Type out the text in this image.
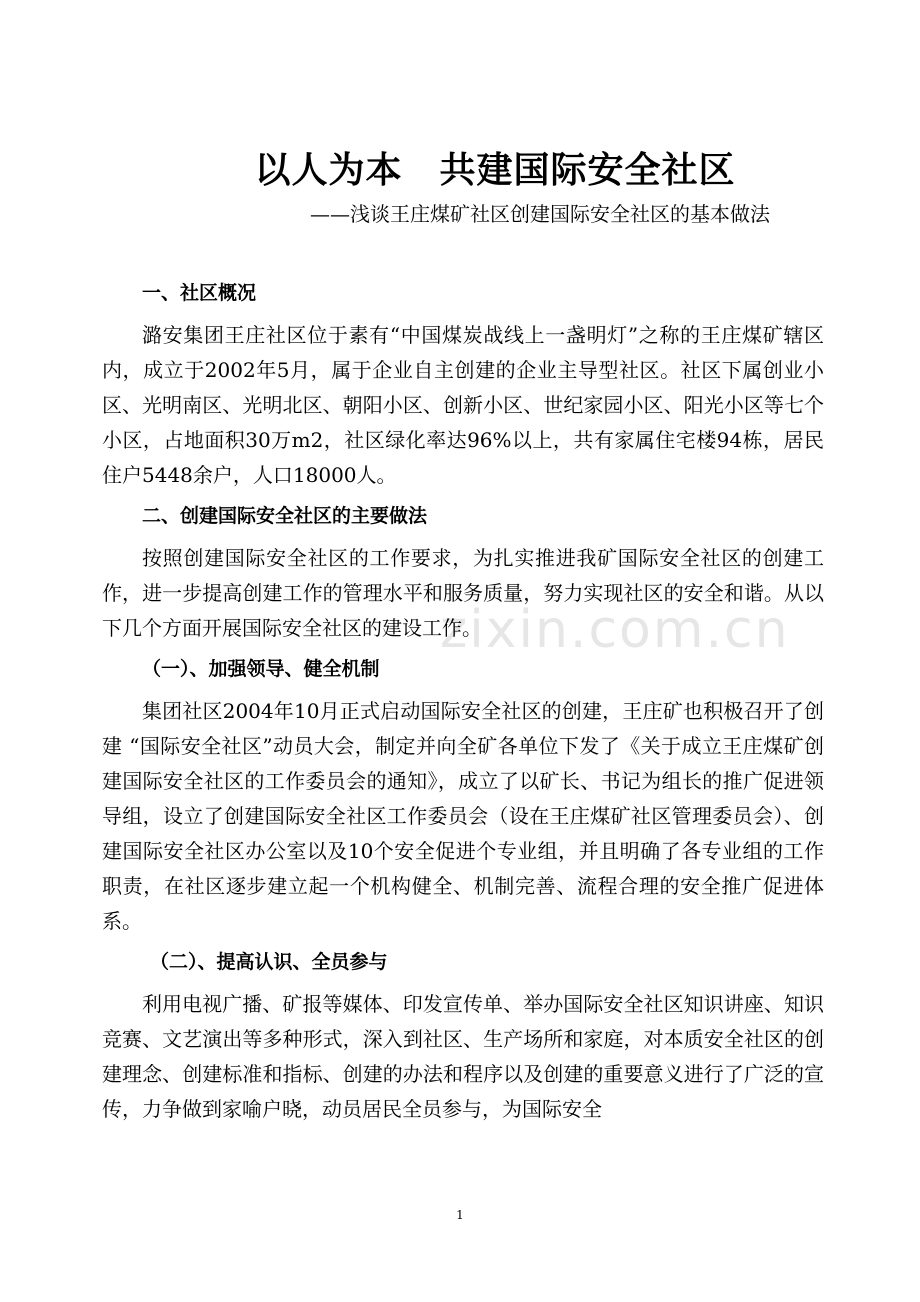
zixin.com.cn
以人为本　共建国际安全社区
——浅谈王庄煤矿社区创建国际安全社区的基本做法

一、社区概况

潞安集团王庄社区位于素有“中国煤炭战线上一盏明灯”之称的王庄煤矿辖区内，成立于2002年5月，属于企业自主创建的企业主导型社区。社区下属创业小区、光明南区、光明北区、朝阳小区、创新小区、世纪家园小区、阳光小区等七个小区，占地面积30万m2，社区绿化率达96%以上，共有家属住宅楼94栋，居民住户5448余户，人口18000人。

二、创建国际安全社区的主要做法

按照创建国际安全社区的工作要求，为扎实推进我矿国际安全社区的创建工作，进一步提高创建工作的管理水平和服务质量，努力实现社区的安全和谐。从以下几个方面开展国际安全社区的建设工作。

（一）、加强领导、健全机制

集团社区2004年10月正式启动国际安全社区的创建，王庄矿也积极召开了创建 “国际安全社区”动员大会，制定并向全矿各单位下发了《关于成立王庄煤矿创建国际安全社区的工作委员会的通知》，成立了以矿长、书记为组长的推广促进领导组，设立了创建国际安全社区工作委员会（设在王庄煤矿社区管理委员会）、创建国际安全社区办公室以及10个安全促进个专业组，并且明确了各专业组的工作职责，在社区逐步建立起一个机构健全、机制完善、流程合理的安全推广促进体系。

（二）、提高认识、全员参与

利用电视广播、矿报等媒体、印发宣传单、举办国际安全社区知识讲座、知识竞赛、文艺演出等多种形式，深入到社区、生产场所和家庭，对本质安全社区的创建理念、创建标准和指标、创建的办法和程序以及创建的重要意义进行了广泛的宣传，力争做到家喻户晓，动员居民全员参与，为国际安全

1
